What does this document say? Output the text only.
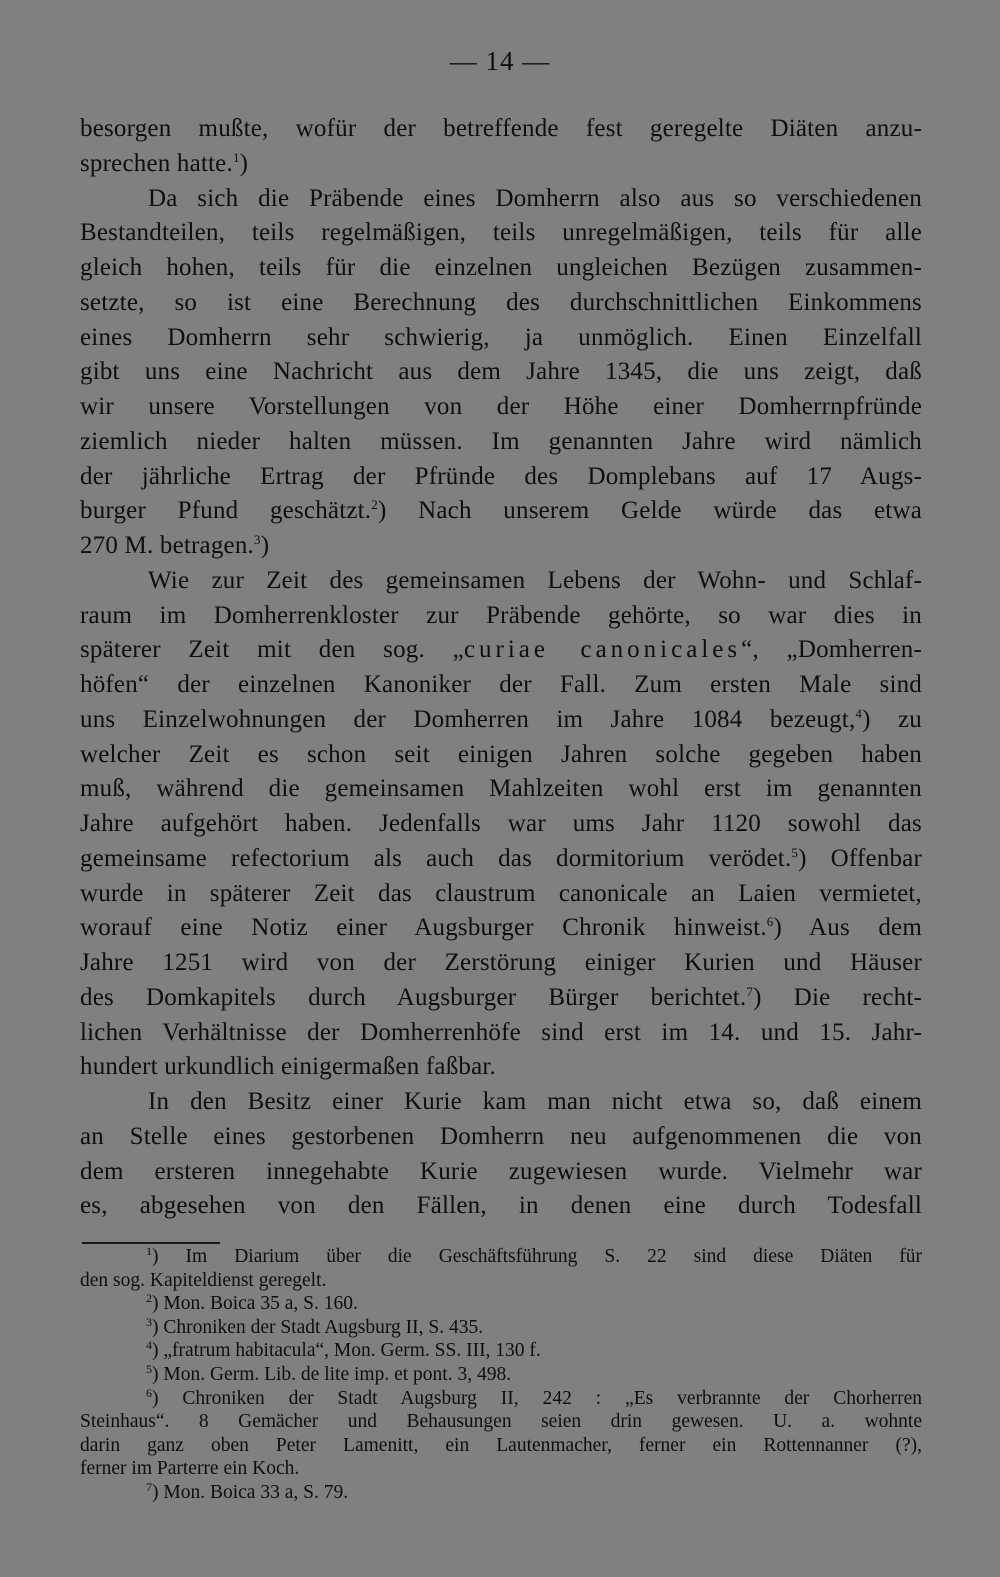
— 14 —
besorgen mußte, wofür der betreffende fest geregelte Diäten anzu-
sprechen hatte.$^1$)
Da sich die Präbende eines Domherrn also aus so verschiedenen
Bestandteilen, teils regelmäßigen, teils unregelmäßigen, teils für alle
gleich hohen, teils für die einzelnen ungleichen Bezügen zusammen-
setzte, so ist eine Berechnung des durchschnittlichen Einkommens
eines Domherrn sehr schwierig, ja unmöglich. Einen Einzelfall
gibt uns eine Nachricht aus dem Jahre 1345, die uns zeigt, daß
wir unsere Vorstellungen von der Höhe einer Domherrnpfründe
ziemlich nieder halten müssen. Im genannten Jahre wird nämlich
der jährliche Ertrag der Pfründe des Domplebans auf 17 Augs-
burger Pfund geschätzt.$^2$) Nach unserem Gelde würde das etwa
270 M. betragen.$^3$)
Wie zur Zeit des gemeinsamen Lebens der Wohn- und Schlaf-
raum im Domherrenkloster zur Präbende gehörte, so war dies in
späterer Zeit mit den sog. „curiae canonicales“, „Domherren-
höfen“ der einzelnen Kanoniker der Fall. Zum ersten Male sind
uns Einzelwohnungen der Domherren im Jahre 1084 bezeugt,$^4$) zu
welcher Zeit es schon seit einigen Jahren solche gegeben haben
muß, während die gemeinsamen Mahlzeiten wohl erst im genannten
Jahre aufgehört haben. Jedenfalls war ums Jahr 1120 sowohl das
gemeinsame refectorium als auch das dormitorium verödet.$^5$) Offenbar
wurde in späterer Zeit das claustrum canonicale an Laien vermietet,
worauf eine Notiz einer Augsburger Chronik hinweist.$^6$) Aus dem
Jahre 1251 wird von der Zerstörung einiger Kurien und Häuser
des Domkapitels durch Augsburger Bürger berichtet.$^7$) Die recht-
lichen Verhältnisse der Domherrenhöfe sind erst im 14. und 15. Jahr-
hundert urkundlich einigermaßen faßbar.
In den Besitz einer Kurie kam man nicht etwa so, daß einem
an Stelle eines gestorbenen Domherrn neu aufgenommenen die von
dem ersteren innegehabte Kurie zugewiesen wurde. Vielmehr war
es, abgesehen von den Fällen, in denen eine durch Todesfall
$^1$) Im Diarium über die Geschäftsführung S. 22 sind diese Diäten für
den sog. Kapiteldienst geregelt.
$^2$) Mon. Boica 35 a, S. 160.
$^3$) Chroniken der Stadt Augsburg II, S. 435.
$^4$) „fratrum habitacula“, Mon. Germ. SS. III, 130 f.
$^5$) Mon. Germ. Lib. de lite imp. et pont. 3, 498.
$^6$) Chroniken der Stadt Augsburg II, 242 : „Es verbrannte der Chorherren
Steinhaus“. 8 Gemächer und Behausungen seien drin gewesen. U. a. wohnte
darin ganz oben Peter Lamenitt, ein Lautenmacher, ferner ein Rottennanner (?),
ferner im Parterre ein Koch.
$^7$) Mon. Boica 33 a, S. 79.
